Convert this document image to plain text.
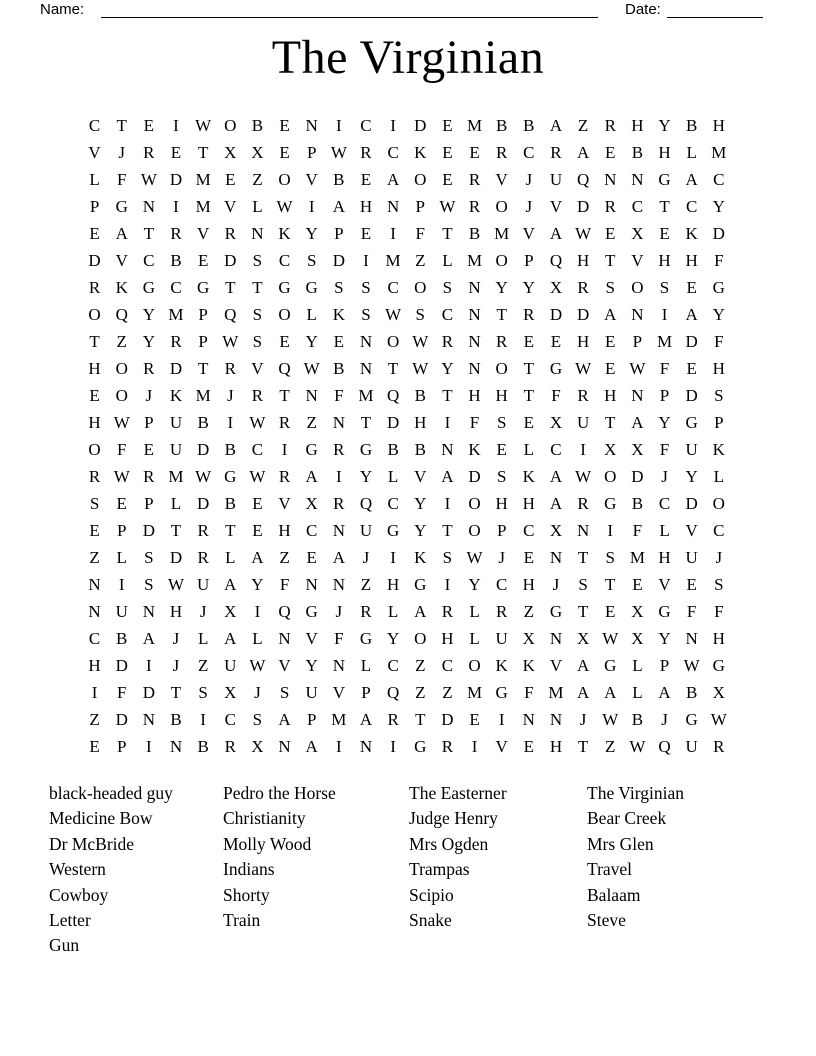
Name:	Date:
The Virginian
C T E	I W O B E N	I	C	I	D E M B B A Z R H Y B H
V	J	R E T X X E	P W R C K E E R C R A E B H L M
L	F W D M E Z O V B E A O E R V	J	U Q N N G A C
P G N	I M V L W I	A H N P W R O	J	V D R C T C Y
E A T R V R N K Y P	E	I	F	T B M V A W E X E K D
D V C B E D S C S D	I M Z L M O P Q H T V H H F
R K G C G T T G G S	S C O S N Y Y X R S O S	E G
O Q Y M P Q S O L K S W S C N T R D D A N	I	A Y
T Z Y R P W S	E Y E N O W R N R E E H E	P M D F
H O R D T R V Q W B N T W Y N O T G W E W F	E H
E O	J	K M J	R T N F M Q B T H H T	F R H N P D S
H W P U B	I W R Z N T D H	I	F	S	E X U T A Y G P
O F	E U D B C	I	G R G B B N K E L C	I	X X F U K
R W R M W G W R A	I	Y L V A D S K A W O D	J	Y L
S	E	P	L D B E V X R Q C Y	I	O H H A R G B C D O
E	P D T R T E H C N U G Y T O P C X N	I	F	L V C
Z L	S D R L A Z E A	J	I	K S W J	E N T	S M H U	J
N	I	S W U A Y F N N Z H G	I	Y C H	J	S	T E V E	S
N U N H	J	X	I	Q G	J	R L A R L R Z G T E X G F	F
C B A	J	L A L N V F G Y O H L U X N X W X Y N H
H D	I	J	Z U W V Y N L C Z C O K K V A G L	P W G
I	F D T	S X	J	S U V P Q Z Z M G F M A A L A B X
Z D N B	I	C S A P M A R T D E	I	N N	J W B	J	G W
E	P	I	N B R X N A	I	N	I	G R	I	V E H T Z W Q U R
black-headed guy
Medicine Bow
Dr McBride
Western
Cowboy
Letter
Gun
Pedro the Horse
Christianity
Molly Wood
Indians
Shorty
Train
The Easterner
Judge Henry
Mrs Ogden
Trampas
Scipio
Snake
The Virginian
Bear Creek
Mrs Glen
Travel
Balaam
Steve
